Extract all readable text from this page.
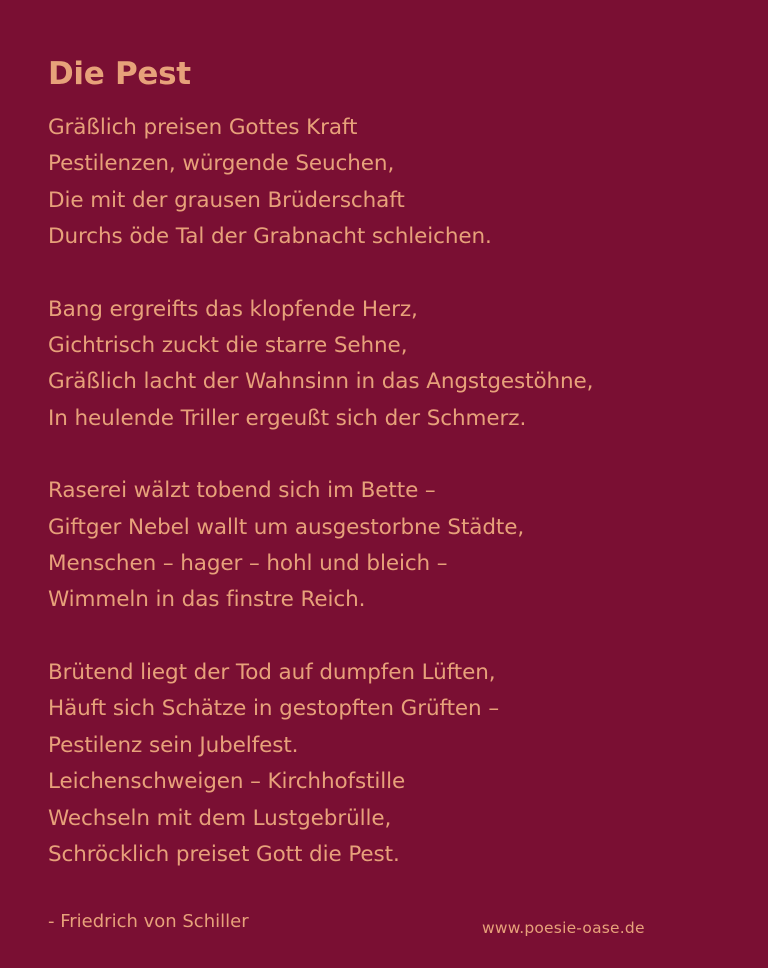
Die Pest
Gräßlich preisen Gottes Kraft
Pestilenzen, würgende Seuchen,
Die mit der grausen Brüderschaft
Durchs öde Tal der Grabnacht schleichen.
Bang ergreifts das klopfende Herz,
Gichtrisch zuckt die starre Sehne,
Gräßlich lacht der Wahnsinn in das Angstgestöhne,
In heulende Triller ergeußt sich der Schmerz.
Raserei wälzt tobend sich im Bette –
Giftger Nebel wallt um ausgestorbne Städte,
Menschen – hager – hohl und bleich –
Wimmeln in das finstre Reich.
Brütend liegt der Tod auf dumpfen Lüften,
Häuft sich Schätze in gestopften Grüften –
Pestilenz sein Jubelfest.
Leichenschweigen – Kirchhofstille
Wechseln mit dem Lustgebrülle,
Schröcklich preiset Gott die Pest.
- Friedrich von Schiller	www.poesie-oase.de
